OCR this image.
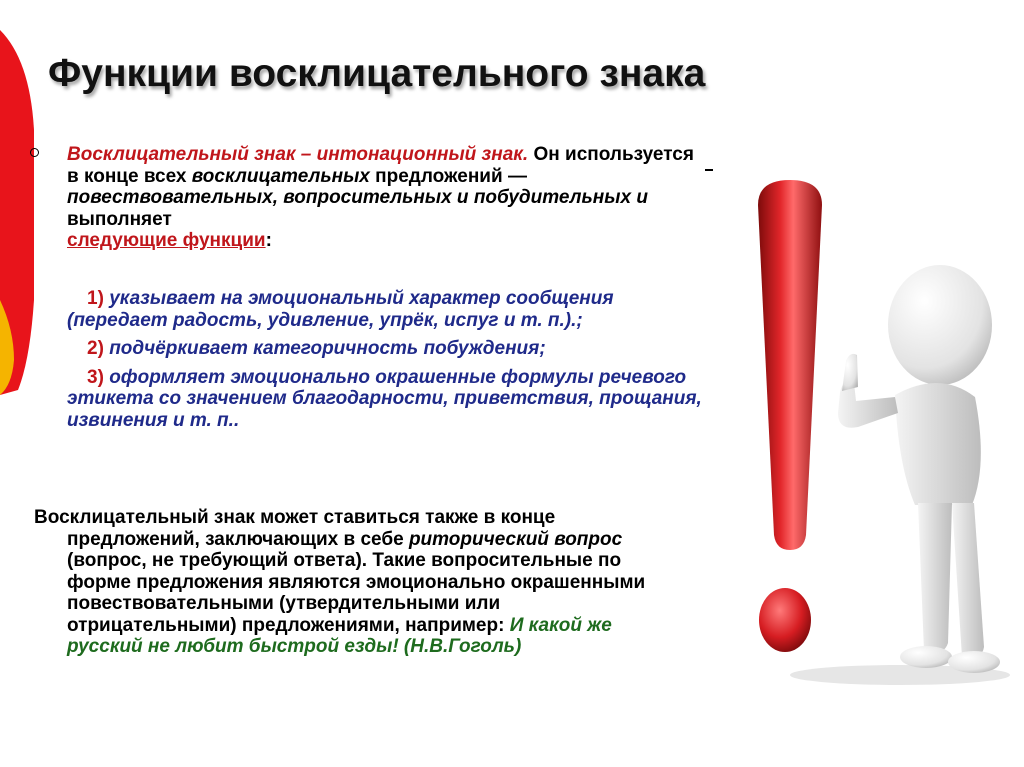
Функции восклицательного знака
Восклицательный знак – интонационный знак. Он используется в конце всех восклицательных предложений — повествовательных, вопросительных и побудительных и выполняет
следующие функции:
1) указывает на эмоциональный характер сообщения (передает радость, удивление, упрёк, испуг и т. п.).;
2) подчёркивает категоричность побуждения;
3) оформляет эмоционально окрашенные формулы речевого этикета со значением благодарности, приветствия, прощания, извинения и т. п..
Восклицательный знак может ставиться также в конце
предложений, заключающих в себе риторический вопрос (вопрос, не требующий ответа). Такие вопросительные по форме предложения являются эмоционально окрашенными повествовательными (утвердительными или отрицательными) предложениями, например: И какой же русский не любит быстрой езды! (Н.В.Гоголь)
